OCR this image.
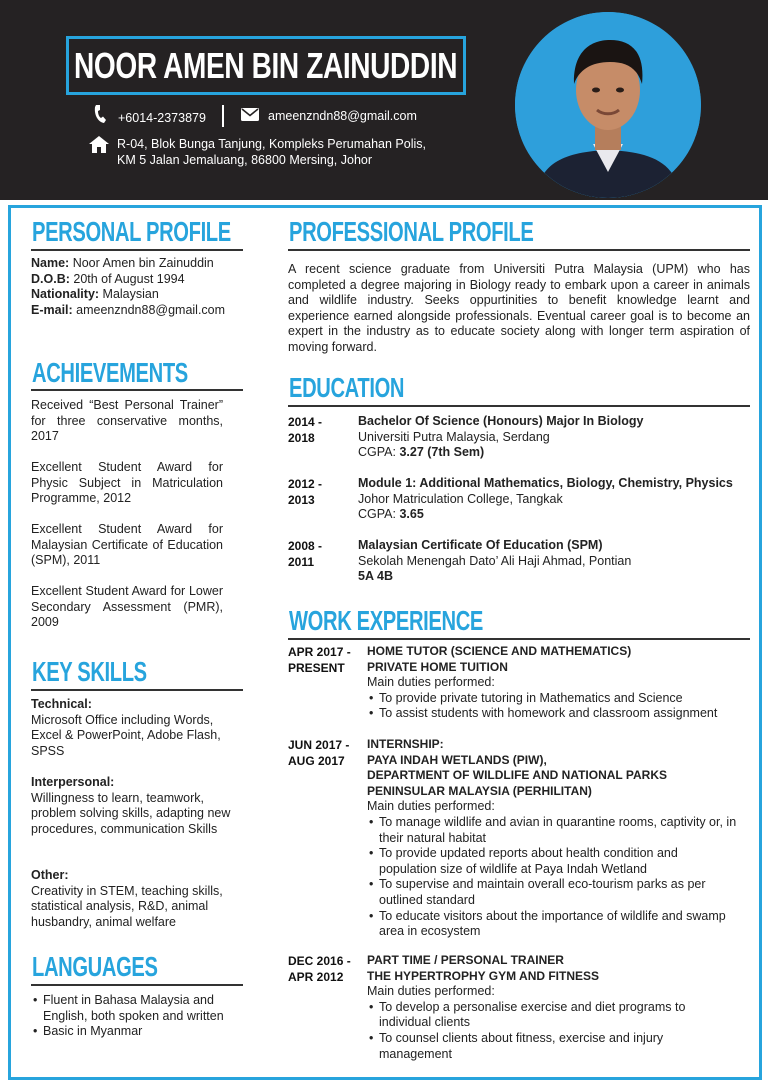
NOOR AMEN BIN ZAINUDDIN
+6014-2373879	ameenzndn88@gmail.com
R-04, Blok Bunga Tanjung, Kompleks Perumahan Polis,
KM 5 Jalan Jemaluang, 86800 Mersing, Johor
PERSONAL PROFILE
Name: Noor Amen bin Zainuddin
D.O.B: 20th of August 1994
Nationality: Malaysian
E-mail: ameenzndn88@gmail.com
ACHIEVEMENTS
Received “Best Personal Trainer” for three conservative months, 2017
Excellent Student Award for Physic Subject in Matriculation Programme, 2012
Excellent Student Award for Malaysian Certificate of Education (SPM), 2011
Excellent Student Award for Lower Secondary Assessment (PMR), 2009
KEY SKILLS
Technical:
Microsoft Office including Words, Excel & PowerPoint, Adobe Flash, SPSS
Interpersonal:
Willingness to learn, teamwork, problem solving skills, adapting new procedures, communication Skills
Other:
Creativity in STEM, teaching skills, statistical analysis, R&D, animal husbandry, animal welfare
LANGUAGES
• Fluent in Bahasa Malaysia and English, both spoken and written
• Basic in Myanmar
PROFESSIONAL PROFILE
A recent science graduate from Universiti Putra Malaysia (UPM) who has completed a degree majoring in Biology ready to embark upon a career in animals and wildlife industry. Seeks oppurtinities to benefit knowledge learnt and experience earned alongside professionals. Eventual career goal is to become an expert in the industry as to educate society along with longer term aspiration of moving forward.
EDUCATION
2014 -
2018
Bachelor Of Science (Honours) Major In Biology
Universiti Putra Malaysia, Serdang
CGPA: 3.27 (7th Sem)
2012 -
2013
Module 1: Additional Mathematics, Biology, Chemistry, Physics
Johor Matriculation College, Tangkak
CGPA: 3.65
2008 -
2011
Malaysian Certificate Of Education (SPM)
Sekolah Menengah Dato’ Ali Haji Ahmad, Pontian
5A 4B
WORK EXPERIENCE
APR 2017 -
PRESENT
HOME TUTOR (SCIENCE AND MATHEMATICS)
PRIVATE HOME TUITION
Main duties performed:
• To provide private tutoring in Mathematics and Science
• To assist students with homework and classroom assignment
JUN 2017 -
AUG 2017
INTERNSHIP:
PAYA INDAH WETLANDS (PIW),
DEPARTMENT OF WILDLIFE AND NATIONAL PARKS PENINSULAR MALAYSIA (PERHILITAN)
Main duties performed:
• To manage wildlife and avian in quarantine rooms, captivity or, in their natural habitat
• To provide updated reports about health condition and population size of wildlife at Paya Indah Wetland
• To supervise and maintain overall eco-tourism parks as per outlined standard
• To educate visitors about the importance of wildlife and swamp area in ecosystem
DEC 2016 -
APR 2012
PART TIME / PERSONAL TRAINER
THE HYPERTROPHY GYM AND FITNESS
Main duties performed:
• To develop a personalise exercise and diet programs to individual clients
• To counsel clients about fitness, exercise and injury management
